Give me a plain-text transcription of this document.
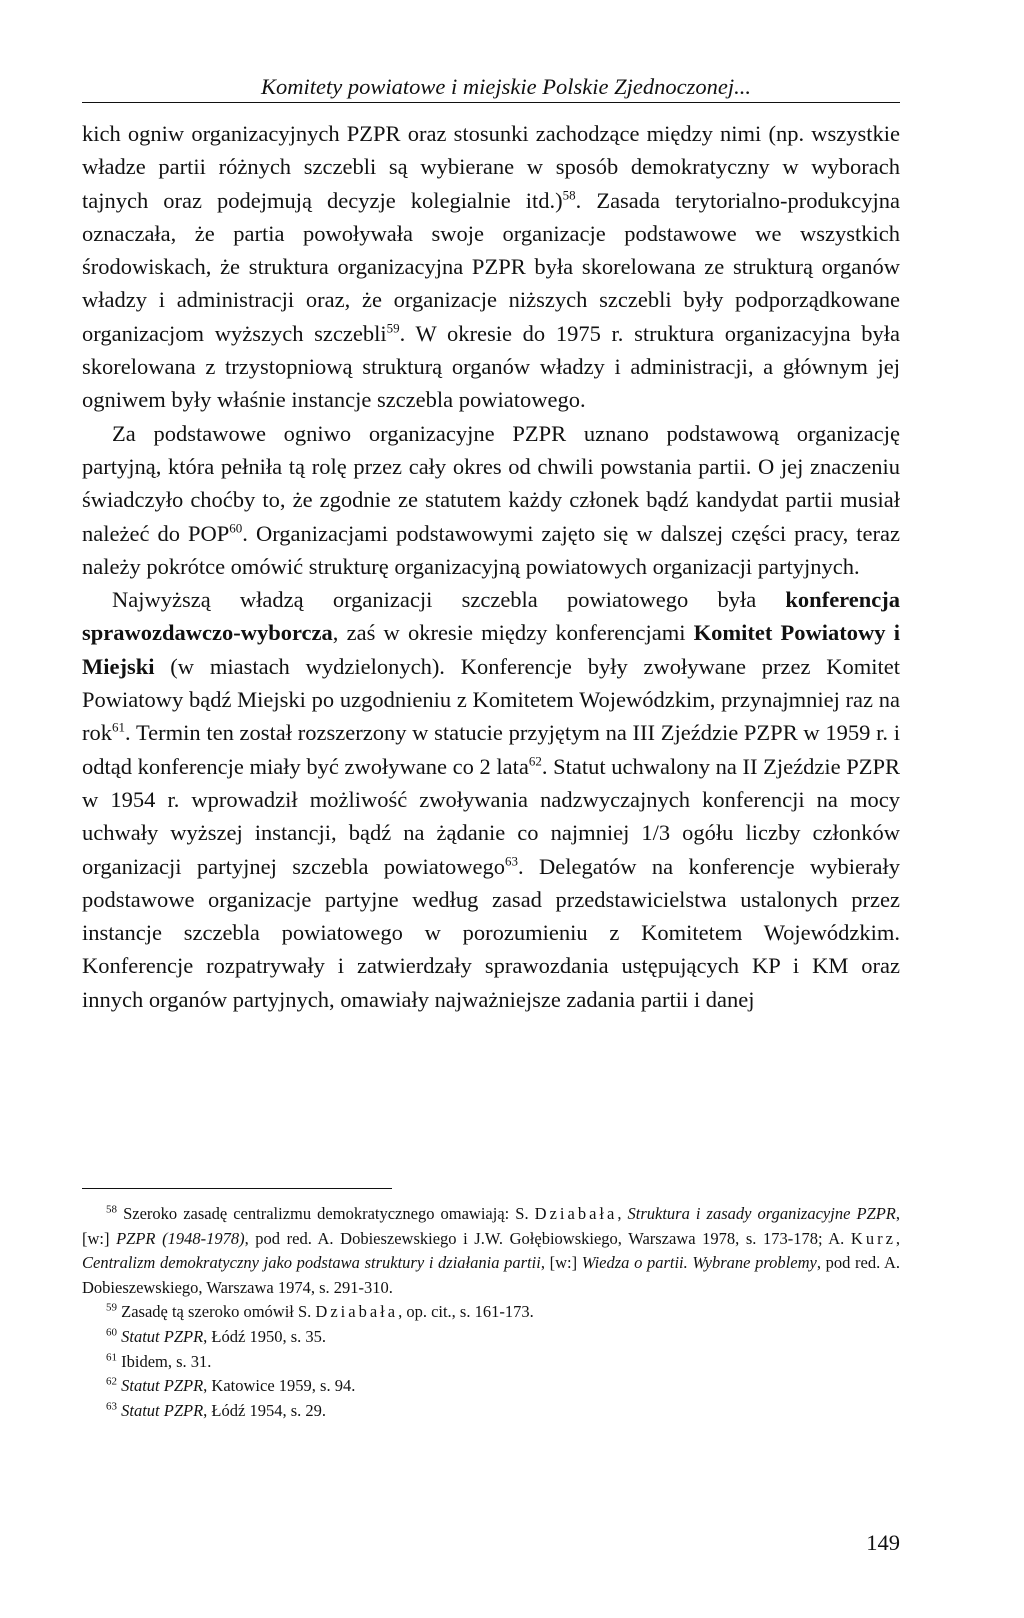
Komitety powiatowe i miejskie Polskie Zjednoczonej...

kich ogniw organizacyjnych PZPR oraz stosunki zachodzące między nimi (np. wszystkie władze partii różnych szczebli są wybierane w sposób demokratyczny w wyborach tajnych oraz podejmują decyzje kolegialnie itd.)$^{58}$. Zasada terytorialno-produkcyjna oznaczała, że partia powoływała swoje organizacje podstawowe we wszystkich środowiskach, że struktura organizacyjna PZPR była skorelowana ze strukturą organów władzy i administracji oraz, że organizacje niższych szczebli były podporządkowane organizacjom wyższych szczebli$^{59}$. W okresie do 1975 r. struktura organizacyjna była skorelowana z trzystopniową strukturą organów władzy i administracji, a głównym jej ogniwem były właśnie instancje szczebla powiatowego.

Za podstawowe ogniwo organizacyjne PZPR uznano podstawową organizację partyjną, która pełniła tą rolę przez cały okres od chwili powstania partii. O jej znaczeniu świadczyło choćby to, że zgodnie ze statutem każdy członek bądź kandydat partii musiał należeć do POP$^{60}$. Organizacjami podstawowymi zajęto się w dalszej części pracy, teraz należy pokrótce omówić strukturę organizacyjną powiatowych organizacji partyjnych.

Najwyższą władzą organizacji szczebla powiatowego była konferencja sprawozdawczo-wyborcza, zaś w okresie między konferencjami Komitet Powiatowy i Miejski (w miastach wydzielonych). Konferencje były zwoływane przez Komitet Powiatowy bądź Miejski po uzgodnieniu z Komitetem Wojewódzkim, przynajmniej raz na rok$^{61}$. Termin ten został rozszerzony w statucie przyjętym na III Zjeździe PZPR w 1959 r. i odtąd konferencje miały być zwoływane co 2 lata$^{62}$. Statut uchwalony na II Zjeździe PZPR w 1954 r. wprowadził możliwość zwoływania nadzwyczajnych konferencji na mocy uchwały wyższej instancji, bądź na żądanie co najmniej 1/3 ogółu liczby członków organizacji partyjnej szczebla powiatowego$^{63}$. Delegatów na konferencje wybierały podstawowe organizacje partyjne według zasad przedstawicielstwa ustalonych przez instancje szczebla powiatowego w porozumieniu z Komitetem Wojewódzkim. Konferencje rozpatrywały i zatwierdzały sprawozdania ustępujących KP i KM oraz innych organów partyjnych, omawiały najważniejsze zadania partii i danej

$^{58}$ Szeroko zasadę centralizmu demokratycznego omawiają: S. Dziabała, Struktura i zasady organizacyjne PZPR, [w:] PZPR (1948-1978), pod red. A. Dobieszewskiego i J.W. Gołębiowskiego, Warszawa 1978, s. 173-178; A. Kurz, Centralizm demokratyczny jako podstawa struktury i działania partii, [w:] Wiedza o partii. Wybrane problemy, pod red. A. Dobieszewskiego, Warszawa 1974, s. 291-310.

$^{59}$ Zasadę tą szeroko omówił S. Dziabała, op. cit., s. 161-173.

$^{60}$ Statut PZPR, Łódź 1950, s. 35.

$^{61}$ Ibidem, s. 31.

$^{62}$ Statut PZPR, Katowice 1959, s. 94.

$^{63}$ Statut PZPR, Łódź 1954, s. 29.

149
